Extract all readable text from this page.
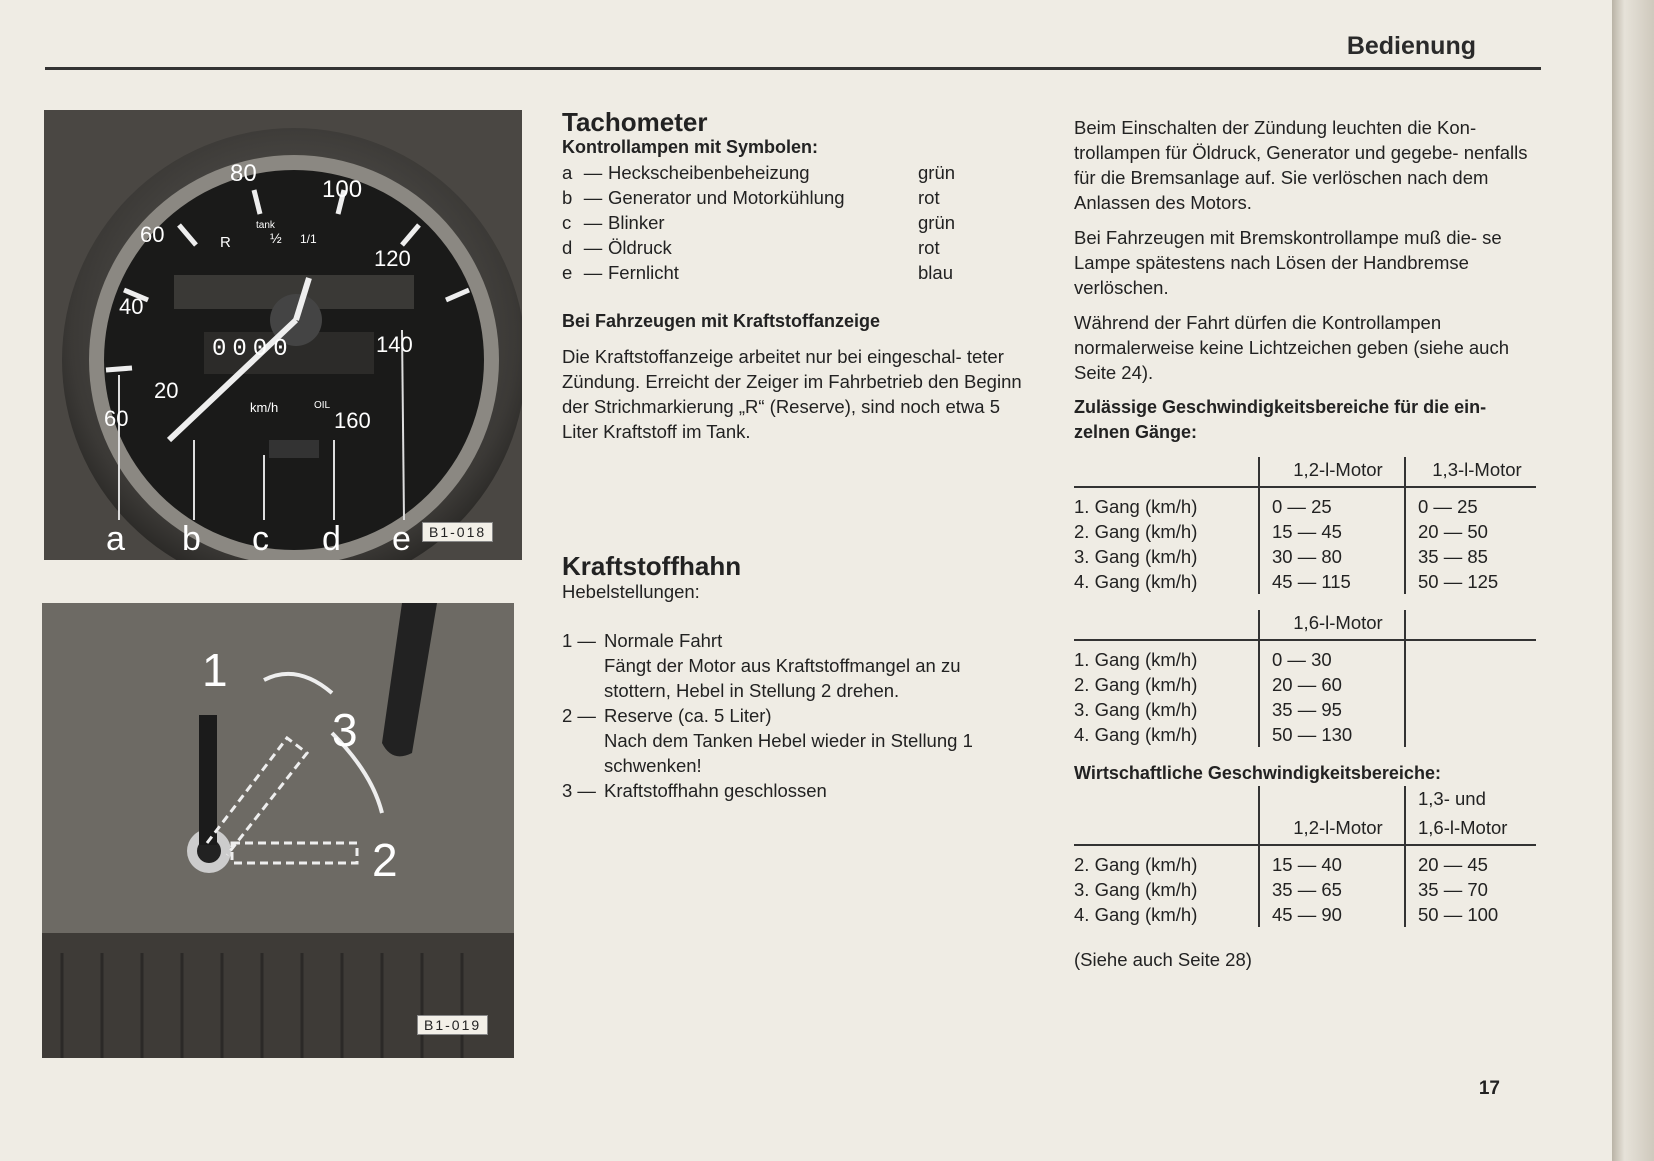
Bedienung
60
40
60
80
100
120
140
160
20
tank
R	½ 1/1
0000
km/h	OIL
a b c d e	B1-018
1
3
2
B1-019

Tachometer

Kontrollampen mit Symbolen:

a — Heckscheibenbeheizung	grün
b — Generator und Motorkühlung	rot
c — Blinker	grün
d — Öldruck	rot
e — Fernlicht	blau

Bei Fahrzeugen mit Kraftstoffanzeige

Die Kraftstoffanzeige arbeitet nur bei eingeschal- teter Zündung. Erreicht der Zeiger im Fahrbetrieb den Beginn der Strichmarkierung „R“ (Reserve), sind noch etwa 5 Liter Kraftstoff im Tank.

Kraftstoffhahn

Hebelstellungen:

1 — Normale Fahrt

Fängt der Motor aus Kraftstoffmangel an zu stottern, Hebel in Stellung 2 drehen.

2 — Reserve (ca. 5 Liter)

Nach dem Tanken Hebel wieder in Stellung 1 schwenken!

3 — Kraftstoffhahn geschlossen

Beim Einschalten der Zündung leuchten die Kon- trollampen für Öldruck, Generator und gegebe- nenfalls für die Bremsanlage auf. Sie verlöschen nach dem Anlassen des Motors.

Bei Fahrzeugen mit Bremskontrollampe muß die- se Lampe spätestens nach Lösen der Handbremse verlöschen.

Während der Fahrt dürfen die Kontrollampen normalerweise keine Lichtzeichen geben (siehe auch Seite 24).

Zulässige Geschwindigkeitsbereiche für die ein- zelnen Gänge:

	1,2-l-Motor	1,3-l-Motor
1. Gang (km/h)	0 — 25	0 — 25
2. Gang (km/h)	15 — 45	20 — 50
3. Gang (km/h)	30 — 80	35 — 85
4. Gang (km/h)	45 — 115	50 — 125
	1,6-l-Motor	
1. Gang (km/h)	0 — 30	
2. Gang (km/h)	20 — 60	
3. Gang (km/h)	35 — 95	
4. Gang (km/h)	50 — 130	

Wirtschaftliche Geschwindigkeitsbereiche:

		1,3- und
	1,2-l-Motor	1,6-l-Motor
2. Gang (km/h)	15 — 40	20 — 45
3. Gang (km/h)	35 — 65	35 — 70
4. Gang (km/h)	45 — 90	50 — 100

(Siehe auch Seite 28)

17
